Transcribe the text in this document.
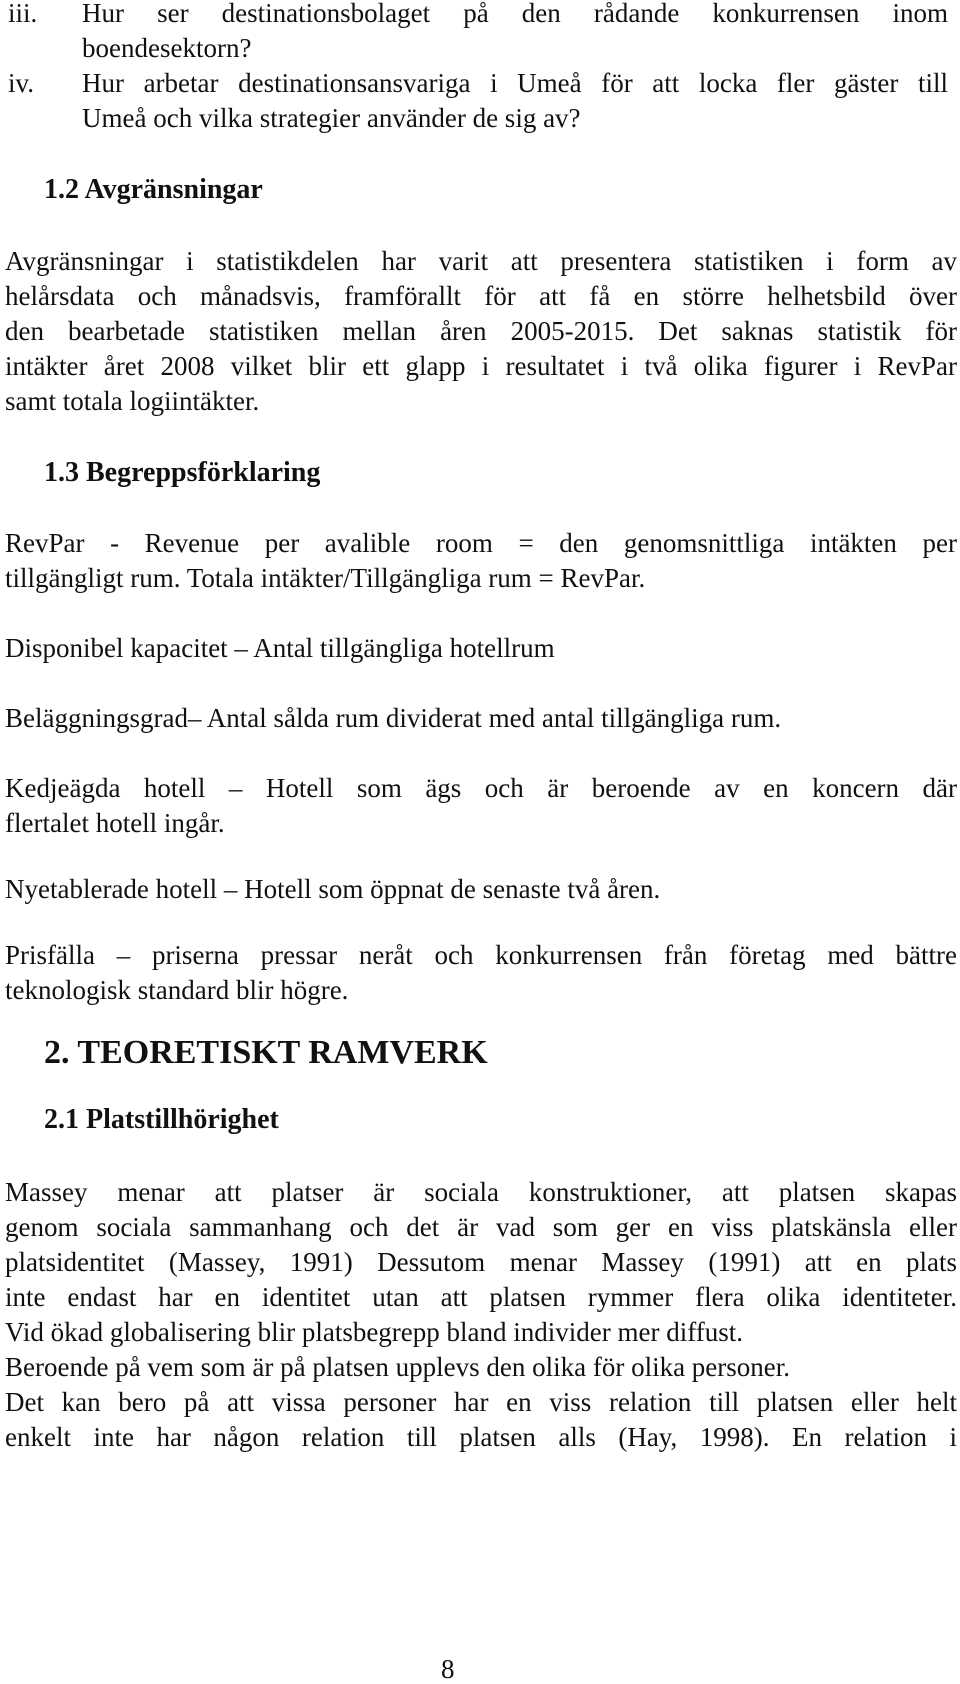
iii. Hur ser destinationsbolaget på den rådande konkurrensen inom
boendesektorn?
iv. Hur arbetar destinationsansvariga i Umeå för att locka fler gäster till
Umeå och vilka strategier använder de sig av?
1.2 Avgränsningar
Avgränsningar i statistikdelen har varit att presentera statistiken i form av
helårsdata och månadsvis, framförallt för att få en större helhetsbild över
den bearbetade statistiken mellan åren 2005-2015. Det saknas statistik för
intäkter året 2008 vilket blir ett glapp i resultatet i två olika figurer i RevPar
samt totala logiintäkter.
1.3 Begreppsförklaring
RevPar - Revenue per avalible room = den genomsnittliga intäkten per
tillgängligt rum. Totala intäkter/Tillgängliga rum = RevPar.
Disponibel kapacitet – Antal tillgängliga hotellrum
Beläggningsgrad– Antal sålda rum dividerat med antal tillgängliga rum.
Kedjeägda hotell – Hotell som ägs och är beroende av en koncern där
flertalet hotell ingår.
Nyetablerade hotell – Hotell som öppnat de senaste två åren.
Prisfälla – priserna pressar neråt och konkurrensen från företag med bättre
teknologisk standard blir högre.
2. TEORETISKT RAMVERK
2.1 Platstillhörighet
Massey menar att platser är sociala konstruktioner, att platsen skapas
genom sociala sammanhang och det är vad som ger en viss platskänsla eller
platsidentitet (Massey, 1991) Dessutom menar Massey (1991) att en plats
inte endast har en identitet utan att platsen rymmer flera olika identiteter.
Vid ökad globalisering blir platsbegrepp bland individer mer diffust.
Beroende på vem som är på platsen upplevs den olika för olika personer.
Det kan bero på att vissa personer har en viss relation till platsen eller helt
enkelt inte har någon relation till platsen alls (Hay, 1998). En relation i
8
